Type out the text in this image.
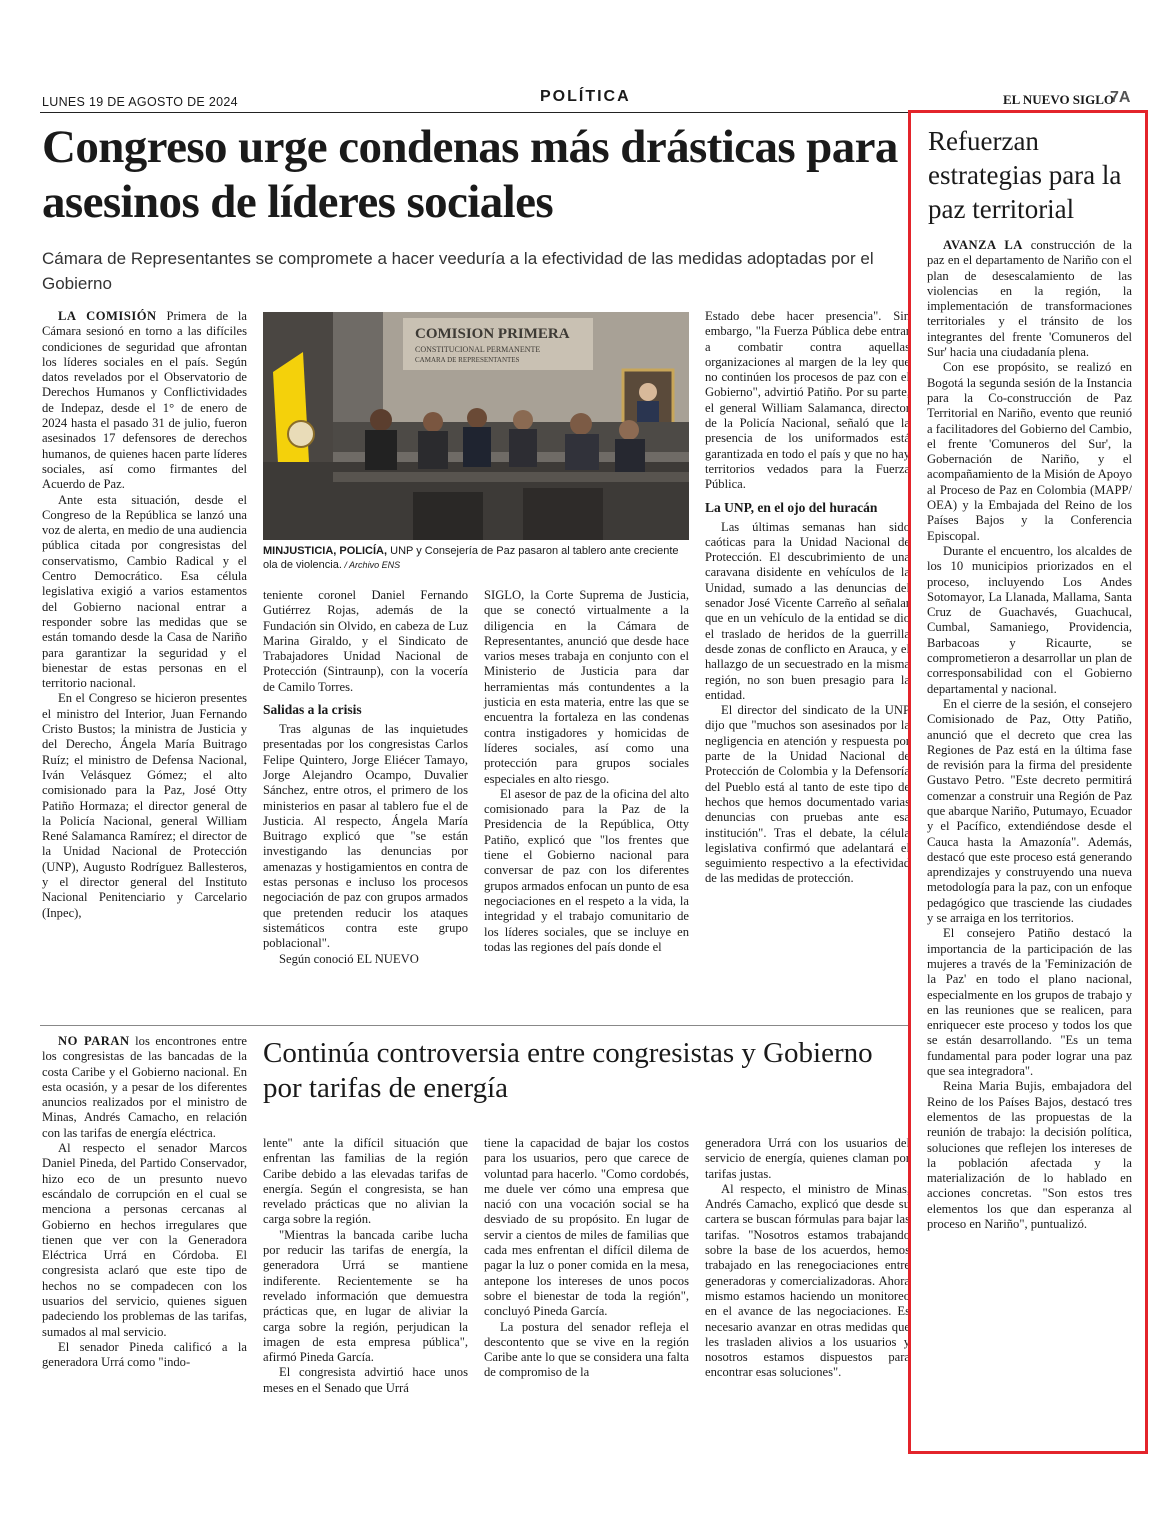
LUNES 19 DE AGOSTO DE 2024	POLÍTICA	EL NUEVO SIGLO
7A
Congreso urge condenas más drásticas para asesinos de líderes sociales
Cámara de Representantes se compromete a hacer veeduría a la efectividad de las medidas adoptadas por el Gobierno

LA COMISIÓN Primera de la Cámara sesionó en torno a las difíciles condiciones de seguridad que afrontan los líderes sociales en el país. Según datos revelados por el Observatorio de Derechos Humanos y Conflictividades de Indepaz, desde el 1° de enero de 2024 hasta el pasado 31 de julio, fueron asesinados 17 defensores de derechos humanos, de quienes hacen parte líderes sociales, así como firmantes del Acuerdo de Paz.

Ante esta situación, desde el Congreso de la República se lanzó una voz de alerta, en medio de una audiencia pública citada por congresistas del conservatismo, Cambio Radical y el Centro Democrático. Esa célula legislativa exigió a varios estamentos del Gobierno nacional entrar a responder sobre las medidas que se están tomando desde la Casa de Nariño para garantizar la seguridad y el bienestar de estas personas en el territorio nacional.

En el Congreso se hicieron presentes el ministro del Interior, Juan Fernando Cristo Bustos; la ministra de Justicia y del Derecho, Ángela María Buitrago Ruíz; el ministro de Defensa Nacional, Iván Velásquez Gómez; el alto comisionado para la Paz, José Otty Patiño Hormaza; el director general de la Policía Nacional, general William René Salamanca Ramírez; el director de la Unidad Nacional de Protección (UNP), Augusto Rodríguez Ballesteros, y el director general del Instituto Nacional Penitenciario y Carcelario (Inpec),

COMISION PRIMERA
CONSTITUCIONAL PERMANENTE
CAMARA DE REPRESENTANTES
MINJUSTICIA, POLICÍA, UNP y Consejería de Paz pasaron al tablero ante creciente ola de violencia. / Archivo ENS

teniente coronel Daniel Fernando Gutiérrez Rojas, además de la Fundación sin Olvido, en cabeza de Luz Marina Giraldo, y el Sindicato de Trabajadores Unidad Nacional de Protección (Sintraunp), con la vocería de Camilo Torres.

Salidas a la crisis

Tras algunas de las inquietudes presentadas por los congresistas Carlos Felipe Quintero, Jorge Eliécer Tamayo, Jorge Alejandro Ocampo, Duvalier Sánchez, entre otros, el primero de los ministerios en pasar al tablero fue el de Justicia. Al respecto, Ángela María Buitrago explicó que "se están investigando las denuncias por amenazas y hostigamientos en contra de estas personas e incluso los procesos negociación de paz con grupos armados que pretenden reducir los ataques sistemáticos contra este grupo poblacional".

Según conoció EL NUEVO

SIGLO, la Corte Suprema de Justicia, que se conectó virtualmente a la diligencia en la Cámara de Representantes, anunció que desde hace varios meses trabaja en conjunto con el Ministerio de Justicia para dar herramientas más contundentes a la justicia en esta materia, entre las que se encuentra la fortaleza en las condenas contra instigadores y homicidas de líderes sociales, así como una protección para grupos sociales especiales en alto riesgo.

El asesor de paz de la oficina del alto comisionado para la Paz de la Presidencia de la República, Otty Patiño, explicó que "los frentes que tiene el Gobierno nacional para conversar de paz con los diferentes grupos armados enfocan un punto de esa negociaciones en el respeto a la vida, la integridad y el trabajo comunitario de los líderes sociales, que se incluye en todas las regiones del país donde el

Estado debe hacer presencia". Sin embargo, "la Fuerza Pública debe entrar a combatir contra aquellas organizaciones al margen de la ley que no continúen los procesos de paz con el Gobierno", advirtió Patiño. Por su parte, el general William Salamanca, director de la Policía Nacional, señaló que la presencia de los uniformados está garantizada en todo el país y que no hay territorios vedados para la Fuerza Pública.

La UNP, en el ojo del huracán

Las últimas semanas han sido caóticas para la Unidad Nacional de Protección. El descubrimiento de una caravana disidente en vehículos de la Unidad, sumado a las denuncias del senador José Vicente Carreño al señalar que en un vehículo de la entidad se dio el traslado de heridos de la guerrilla desde zonas de conflicto en Arauca, y el hallazgo de un secuestrado en la misma región, no son buen presagio para la entidad.

El director del sindicato de la UNP dijo que "muchos son asesinados por la negligencia en atención y respuesta por parte de la Unidad Nacional de Protección de Colombia y la Defensoría del Pueblo está al tanto de este tipo de hechos que hemos documentado varias denuncias con pruebas ante esa institución". Tras el debate, la célula legislativa confirmó que adelantará el seguimiento respectivo a la efectividad de las medidas de protección.

Continúa controversia entre congresistas y Gobierno por tarifas de energía

NO PARAN los encontrones entre los congresistas de las bancadas de la costa Caribe y el Gobierno nacional. En esta ocasión, y a pesar de los diferentes anuncios realizados por el ministro de Minas, Andrés Camacho, en relación con las tarifas de energía eléctrica.

Al respecto el senador Marcos Daniel Pineda, del Partido Conservador, hizo eco de un presunto nuevo escándalo de corrupción en el cual se menciona a personas cercanas al Gobierno en hechos irregulares que tienen que ver con la Generadora Eléctrica Urrá en Córdoba. El congresista aclaró que este tipo de hechos no se compadecen con los usuarios del servicio, quienes siguen padeciendo los problemas de las tarifas, sumados al mal servicio.

El senador Pineda calificó a la generadora Urrá como "indo-

lente" ante la difícil situación que enfrentan las familias de la región Caribe debido a las elevadas tarifas de energía. Según el congresista, se han revelado prácticas que no alivian la carga sobre la región.

"Mientras la bancada caribe lucha por reducir las tarifas de energía, la generadora Urrá se mantiene indiferente. Recientemente se ha revelado información que demuestra prácticas que, en lugar de aliviar la carga sobre la región, perjudican la imagen de esta empresa pública", afirmó Pineda García.

El congresista advirtió hace unos meses en el Senado que Urrá

tiene la capacidad de bajar los costos para los usuarios, pero que carece de voluntad para hacerlo. "Como cordobés, me duele ver cómo una empresa que nació con una vocación social se ha desviado de su propósito. En lugar de servir a cientos de miles de familias que cada mes enfrentan el difícil dilema de pagar la luz o poner comida en la mesa, antepone los intereses de unos pocos sobre el bienestar de toda la región", concluyó Pineda García.

La postura del senador refleja el descontento que se vive en la región Caribe ante lo que se considera una falta de compromiso de la

generadora Urrá con los usuarios del servicio de energía, quienes claman por tarifas justas.

Al respecto, el ministro de Minas, Andrés Camacho, explicó que desde su cartera se buscan fórmulas para bajar las tarifas. "Nosotros estamos trabajando sobre la base de los acuerdos, hemos trabajado en las renegociaciones entre generadoras y comercializadoras. Ahora mismo estamos haciendo un monitoreo en el avance de las negociaciones. Es necesario avanzar en otras medidas que les trasladen alivios a los usuarios y nosotros estamos dispuestos para encontrar esas soluciones".

Refuerzan estrategias para la paz territorial

AVANZA LA construcción de la paz en el departamento de Nariño con el plan de desescalamiento de las violencias en la región, la implementación de transformaciones territoriales y el tránsito de los integrantes del frente 'Comuneros del Sur' hacia una ciudadanía plena.

Con ese propósito, se realizó en Bogotá la segunda sesión de la Instancia para la Co-construcción de Paz Territorial en Nariño, evento que reunió a facilitadores del Gobierno del Cambio, el frente 'Comuneros del Sur', la Gobernación de Nariño, y el acompañamiento de la Misión de Apoyo al Proceso de Paz en Colombia (MAPP/ OEA) y la Embajada del Reino de los Países Bajos y la Conferencia Episcopal.

Durante el encuentro, los alcaldes de los 10 municipios priorizados en el proceso, incluyendo Los Andes Sotomayor, La Llanada, Mallama, Santa Cruz de Guachavés, Guachucal, Cumbal, Samaniego, Providencia, Barbacoas y Ricaurte, se comprometieron a desarrollar un plan de corresponsabilidad con el Gobierno departamental y nacional.

En el cierre de la sesión, el consejero Comisionado de Paz, Otty Patiño, anunció que el decreto que crea las Regiones de Paz está en la última fase de revisión para la firma del presidente Gustavo Petro. "Este decreto permitirá comenzar a construir una Región de Paz que abarque Nariño, Putumayo, Ecuador y el Pacífico, extendiéndose desde el Cauca hasta la Amazonía". Además, destacó que este proceso está generando aprendizajes y construyendo una nueva metodología para la paz, con un enfoque pedagógico que trasciende las ciudades y se arraiga en los territorios.

El consejero Patiño destacó la importancia de la participación de las mujeres a través de la 'Feminización de la Paz' en todo el plano nacional, especialmente en los grupos de trabajo y en las reuniones que se realicen, para enriquecer este proceso y todos los que se están desarrollando. "Es un tema fundamental para poder lograr una paz que sea integradora".

Reina Maria Bujis, embajadora del Reino de los Países Bajos, destacó tres elementos de las propuestas de la reunión de trabajo: la decisión política, soluciones que reflejen los intereses de la población afectada y la materialización de lo hablado en acciones concretas. "Son estos tres elementos los que dan esperanza al proceso en Nariño", puntualizó.
